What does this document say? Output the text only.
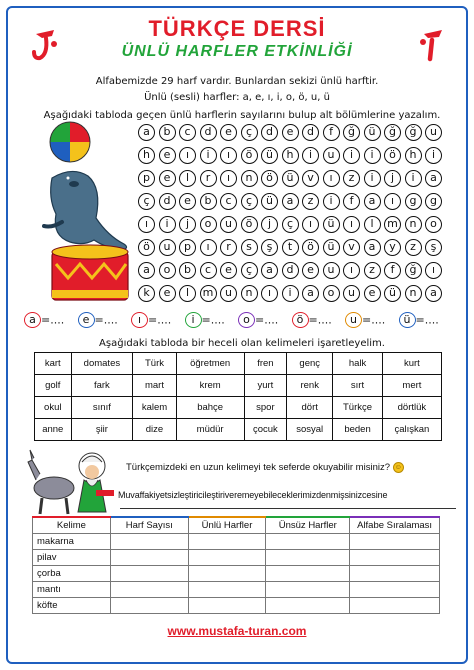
TÜRKÇE DERSİ
ÜNLÜ HARFLER ETKİNLİĞİ
Alfabemizde 29 harf vardır. Bunlardan sekizi ünlü harftir.
Ünlü (sesli) harfler: a, e, ı, i, o, ö, u, ü
Aşağıdaki tabloda geçen ünlü harflerin sayılarını bulup alt bölümlerine yazalım.
a	b	c	d	e	ç	d	e	d	f	ğ	ü	ğ	ğ	u
h	e	ı	i	ı	ö	ü	h	i	u	i	i	ö	h	i
p	e	l	r	ı	n	ö	ü	v	ı	z	i	j	i	a
ç	d	e	b	c	ç	ü	a	z	i	f	a	ı	g	g
ı	i	j	o	u	ö	j	ç	ı	ü	ı	l	m	n	o
ö	u	p	ı	r	s	ş	t	ö	ü	v	a	y	z	ş
a	o	b	c	e	ç	a	d	e	u	ı	z	f	ğ	ı
k	e	l	m	u	n	ı	i	a	o	u	e	ü	n	a
a =....	e =....	ı =....	i =....	o =....	ö =....	u =....	ü =....
Aşağıdaki tabloda bir heceli olan kelimeleri işaretleyelim.
kart	domates	Türk	öğretmen	fren	genç	halk	kurt
golf	fark	mart	krem	yurt	renk	sırt	mert
okul	sınıf	kalem	bahçe	spor	dört	Türkçe	dörtlük
anne	şiir	dize	müdür	çocuk	sosyal	beden	çalışkan
Türkçemizdeki en uzun kelimeyi tek seferde okuyabilir misiniz? ☺
Muvaffakiyetsizleştiricileştiriveremeyebileceklerimizdenmişsinizcesine
Kelime	Harf Sayısı	Ünlü Harfler	Ünsüz Harfler	Alfabe Sıralaması
makarna				
pilav				
çorba				
mantı				
köfte				
www.mustafa-turan.com
